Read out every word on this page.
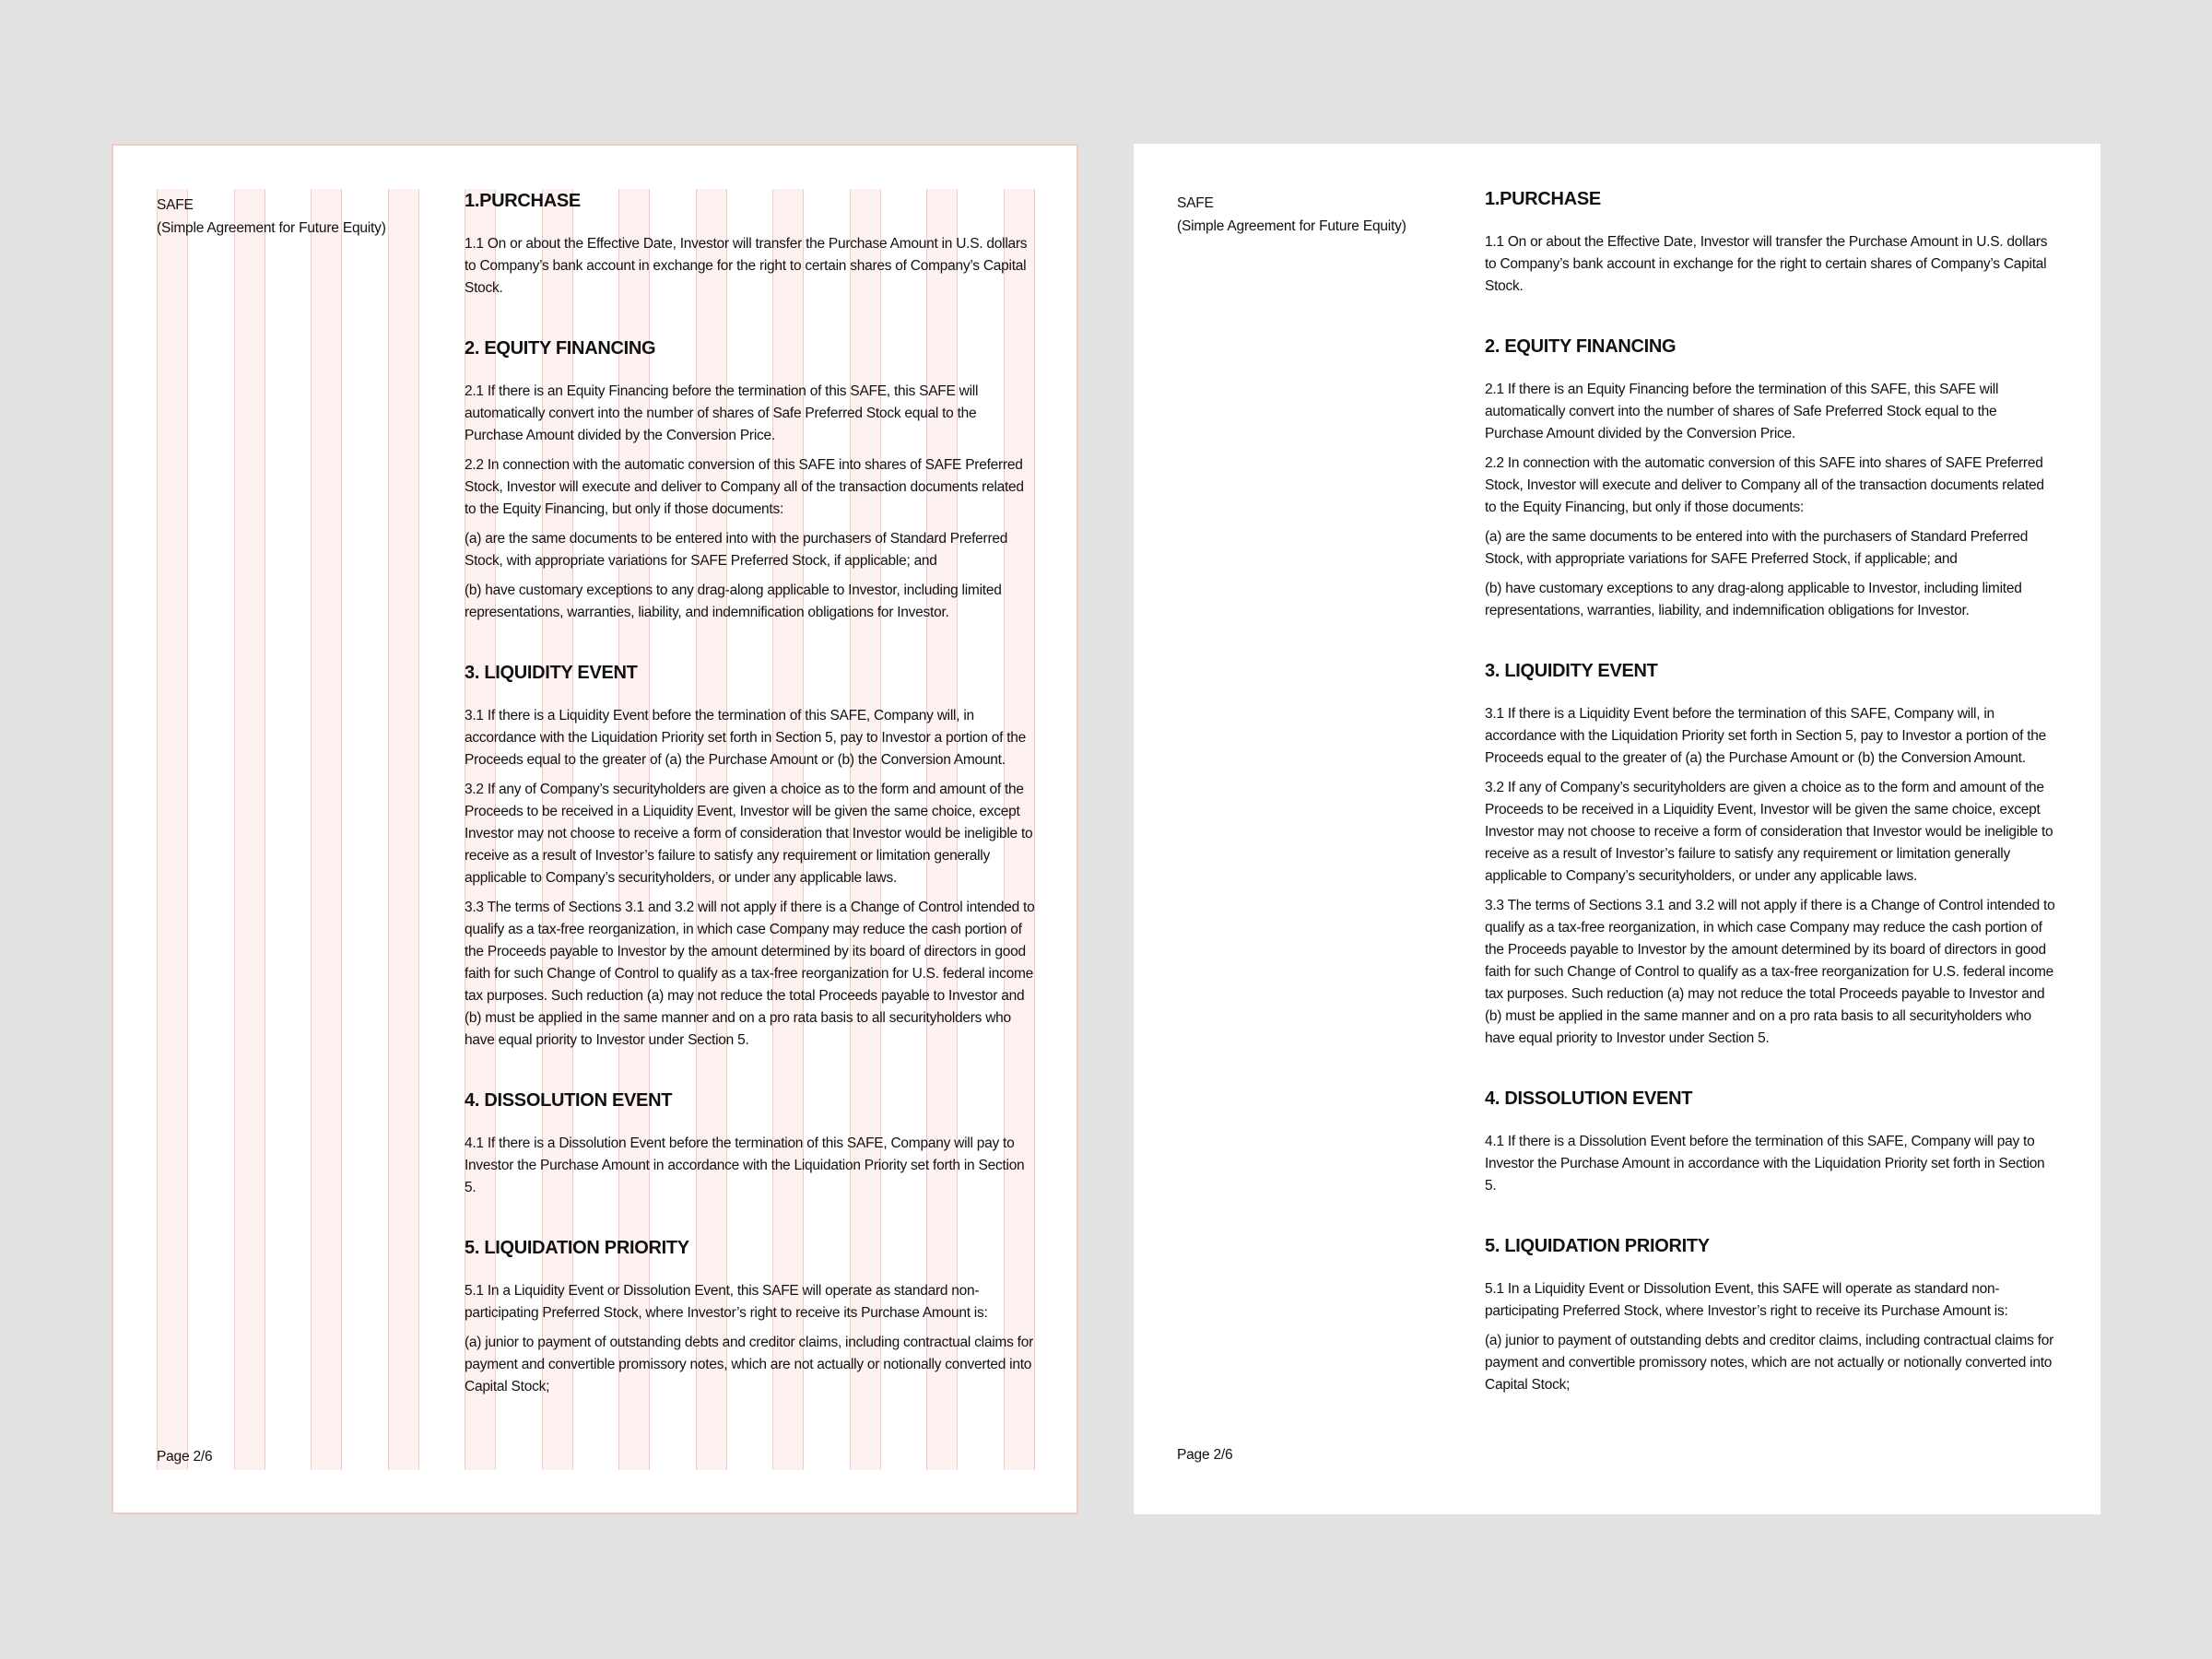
SAFE
(Simple Agreement for Future Equity)
1.PURCHASE

1.1 On or about the Effective Date, Investor will transfer the Purchase Amount in U.S. dollars to Company’s bank account in exchange for the right to certain shares of Company’s Capital Stock.

2. EQUITY FINANCING

2.1 If there is an Equity Financing before the termination of this SAFE, this SAFE will automatically convert into the number of shares of Safe Preferred Stock equal to the Purchase Amount divided by the Conversion Price.

2.2 In connection with the automatic conversion of this SAFE into shares of SAFE Preferred Stock, Investor will execute and deliver to Company all of the transaction documents related to the Equity Financing, but only if those documents:

(a) are the same documents to be entered into with the purchasers of Standard Preferred Stock, with appropriate variations for SAFE Preferred Stock, if applicable; and

(b) have customary exceptions to any drag-along applicable to Investor, including limited representations, warranties, liability, and indemnification obligations for Investor.

3. LIQUIDITY EVENT

3.1 If there is a Liquidity Event before the termination of this SAFE, Company will, in accordance with the Liquidation Priority set forth in Section 5, pay to Investor a portion of the Proceeds equal to the greater of (a) the Purchase Amount or (b) the Conversion Amount.

3.2 If any of Company’s securityholders are given a choice as to the form and amount of the Proceeds to be received in a Liquidity Event, Investor will be given the same choice, except Investor may not choose to receive a form of consideration that Investor would be ineligible to receive as a result of Investor’s failure to satisfy any requirement or limitation generally applicable to Company’s securityholders, or under any applicable laws.

3.3 The terms of Sections 3.1 and 3.2 will not apply if there is a Change of Control intended to qualify as a tax-free reorganization, in which case Company may reduce the cash portion of the Proceeds payable to Investor by the amount determined by its board of directors in good faith for such Change of Control to qualify as a tax-free reorganization for U.S. federal income tax purposes. Such reduction (a) may not reduce the total Proceeds payable to Investor and (b) must be applied in the same manner and on a pro rata basis to all securityholders who have equal priority to Investor under Section 5.

4. DISSOLUTION EVENT

4.1 If there is a Dissolution Event before the termination of this SAFE, Company will pay to Investor the Purchase Amount in accordance with the Liquidation Priority set forth in Section 5.

5. LIQUIDATION PRIORITY

5.1 In a Liquidity Event or Dissolution Event, this SAFE will operate as standard non-participating Preferred Stock, where Investor’s right to receive its Purchase Amount is:

(a) junior to payment of outstanding debts and creditor claims, including contractual claims for payment and convertible promissory notes, which are not actually or notionally converted into Capital Stock;

Page 2/6
SAFE
(Simple Agreement for Future Equity)
1.PURCHASE

1.1 On or about the Effective Date, Investor will transfer the Purchase Amount in U.S. dollars to Company’s bank account in exchange for the right to certain shares of Company’s Capital Stock.

2. EQUITY FINANCING

2.1 If there is an Equity Financing before the termination of this SAFE, this SAFE will automatically convert into the number of shares of Safe Preferred Stock equal to the Purchase Amount divided by the Conversion Price.

2.2 In connection with the automatic conversion of this SAFE into shares of SAFE Preferred Stock, Investor will execute and deliver to Company all of the transaction documents related to the Equity Financing, but only if those documents:

(a) are the same documents to be entered into with the purchasers of Standard Preferred Stock, with appropriate variations for SAFE Preferred Stock, if applicable; and

(b) have customary exceptions to any drag-along applicable to Investor, including limited representations, warranties, liability, and indemnification obligations for Investor.

3. LIQUIDITY EVENT

3.1 If there is a Liquidity Event before the termination of this SAFE, Company will, in accordance with the Liquidation Priority set forth in Section 5, pay to Investor a portion of the Proceeds equal to the greater of (a) the Purchase Amount or (b) the Conversion Amount.

3.2 If any of Company’s securityholders are given a choice as to the form and amount of the Proceeds to be received in a Liquidity Event, Investor will be given the same choice, except Investor may not choose to receive a form of consideration that Investor would be ineligible to receive as a result of Investor’s failure to satisfy any requirement or limitation generally applicable to Company’s securityholders, or under any applicable laws.

3.3 The terms of Sections 3.1 and 3.2 will not apply if there is a Change of Control intended to qualify as a tax-free reorganization, in which case Company may reduce the cash portion of the Proceeds payable to Investor by the amount determined by its board of directors in good faith for such Change of Control to qualify as a tax-free reorganization for U.S. federal income tax purposes. Such reduction (a) may not reduce the total Proceeds payable to Investor and (b) must be applied in the same manner and on a pro rata basis to all securityholders who have equal priority to Investor under Section 5.

4. DISSOLUTION EVENT

4.1 If there is a Dissolution Event before the termination of this SAFE, Company will pay to Investor the Purchase Amount in accordance with the Liquidation Priority set forth in Section 5.

5. LIQUIDATION PRIORITY

5.1 In a Liquidity Event or Dissolution Event, this SAFE will operate as standard non-participating Preferred Stock, where Investor’s right to receive its Purchase Amount is:

(a) junior to payment of outstanding debts and creditor claims, including contractual claims for payment and convertible promissory notes, which are not actually or notionally converted into Capital Stock;

Page 2/6
